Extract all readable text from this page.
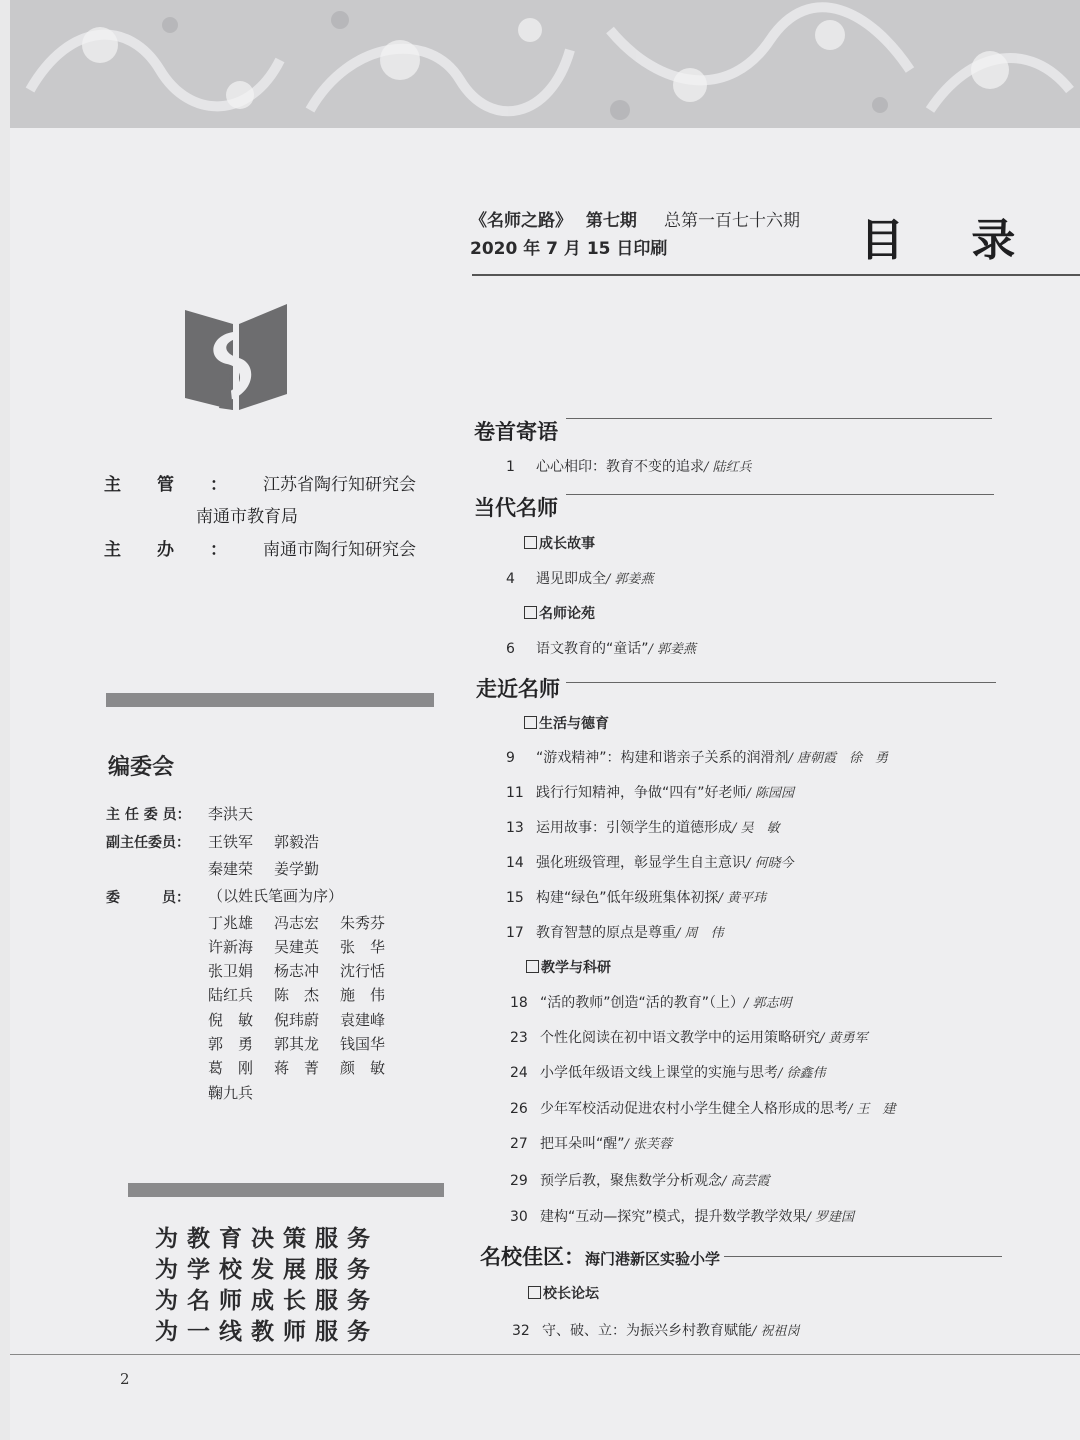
《名师之路》 第七期 总第一百七十六期
2020 年 7 月 15 日印刷	目 录
主管：江苏省陶行知研究会
南通市教育局
主办：南通市陶行知研究会
编委会
主 任 委 员： 李洪天
副主任委员： 王铁军 郭毅浩
秦建荣 姜学勤
委　　　员： （以姓氏笔画为序）
丁兆雄 冯志宏 朱秀芬
许新海 吴建英 张　华
张卫娟 杨志冲 沈行恬
陆红兵 陈　杰 施　伟
倪　敏 倪玮蔚 袁建峰
郭　勇 郭其龙 钱国华
葛　刚 蒋　菁 颜　敏
鞠九兵
为教育决策服务
为学校发展服务
为名师成长服务
为一线教师服务
卷首寄语
1 心心相印：教育不变的追求/ 陆红兵
当代名师
成长故事
4 遇见即成全/ 郭姜燕
名师论苑
6 语文教育的“童话”/ 郭姜燕
走近名师
生活与德育
9 “游戏精神”：构建和谐亲子关系的润滑剂/ 唐朝霞　徐　勇
11 践行行知精神，争做“四有”好老师/ 陈园园
13 运用故事：引领学生的道德形成/ 吴　敏
14 强化班级管理，彰显学生自主意识/ 何晓今
15 构建“绿色”低年级班集体初探/ 黄平玮
17 教育智慧的原点是尊重/ 周　伟
教学与科研
18 “活的教师”创造“活的教育”（上）/ 郭志明
23 个性化阅读在初中语文教学中的运用策略研究/ 黄勇军
24 小学低年级语文线上课堂的实施与思考/ 徐鑫伟
26 少年军校活动促进农村小学生健全人格形成的思考/ 王　建
27 把耳朵叫“醒”/ 张芙蓉
29 预学后教，聚焦数学分析观念/ 高芸霞
30 建构“互动—探究”模式，提升数学教学效果/ 罗建国
名校佳区：海门港新区实验小学
校长论坛
32 守、破、立：为振兴乡村教育赋能/ 祝祖岗
2
